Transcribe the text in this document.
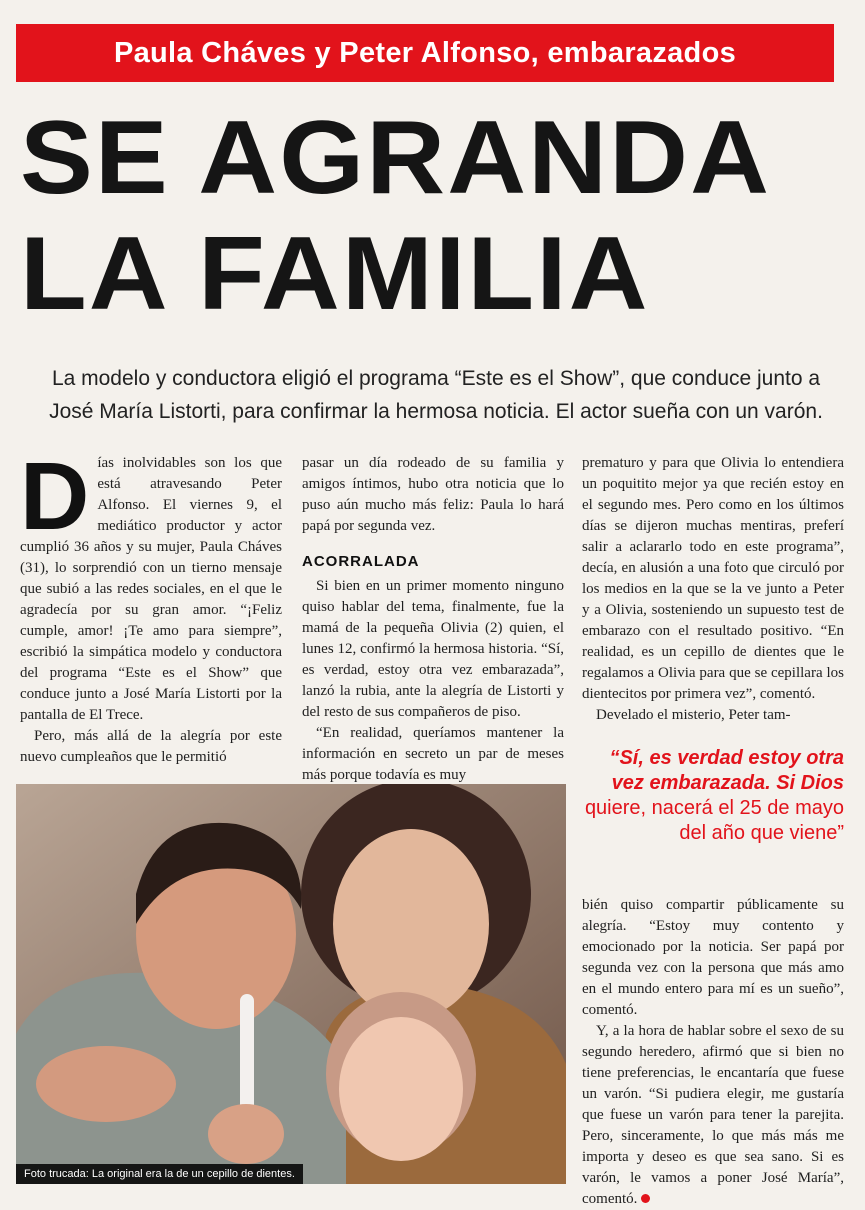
Paula Cháves y Peter Alfonso, embarazados
SE AGRANDA
LA FAMILIA
La modelo y conductora eligió el programa “Este es el Show”, que conduce junto a José María Listorti, para confirmar la hermosa noticia. El actor sueña con un varón.

Días inolvidables son los que está atravesando Peter Alfonso. El viernes 9, el mediático productor y actor cumplió 36 años y su mujer, Paula Cháves (31), lo sorprendió con un tierno mensaje que subió a las redes sociales, en el que le agradecía por su gran amor. “¡Feliz cumple, amor! ¡Te amo para siempre”, escribió la simpática modelo y conductora del programa “Este es el Show” que conduce junto a José María Listorti por la pantalla de El Trece.

Pero, más allá de la alegría por este nuevo cumpleaños que le permitió

pasar un día rodeado de su familia y amigos íntimos, hubo otra noticia que lo puso aún mucho más feliz: Paula lo hará papá por segunda vez.

ACORRALADA

Si bien en un primer momento ninguno quiso hablar del tema, finalmente, fue la mamá de la pequeña Olivia (2) quien, el lunes 12, confirmó la hermosa historia. “Sí, es verdad, estoy otra vez embarazada”, lanzó la rubia, ante la alegría de Listorti y del resto de sus compañeros de piso.

“En realidad, queríamos mantener la información en secreto un par de meses más porque todavía es muy

prematuro y para que Olivia lo entendiera un poquitito mejor ya que recién estoy en el segundo mes. Pero como en los últimos días se dijeron muchas mentiras, preferí salir a aclararlo todo en este programa”, decía, en alusión a una foto que circuló por los medios en la que se la ve junto a Peter y a Olivia, sosteniendo un supuesto test de embarazo con el resultado positivo. “En realidad, es un cepillo de dientes que le regalamos a Olivia para que se cepillara los dientecitos por primera vez”, comentó.

Develado el misterio, Peter tam-

“Sí, es verdad estoy otra vez embarazada. Si Dios quiere, nacerá el 25 de mayo del año que viene”

bién quiso compartir públicamente su alegría. “Estoy muy contento y emocionado por la noticia. Ser papá por segunda vez con la persona que más amo en el mundo entero para mí es un sueño”, comentó.

Y, a la hora de hablar sobre el sexo de su segundo heredero, afirmó que si bien no tiene preferencias, le encantaría que fuese un varón. “Si pudiera elegir, me gustaría que fuese un varón para tener la parejita. Pero, sinceramente, lo que más más me importa y deseo es que sea sano. Si es varón, le vamos a poner José María”, comentó.

Foto trucada: La original era la de un cepillo de dientes.
